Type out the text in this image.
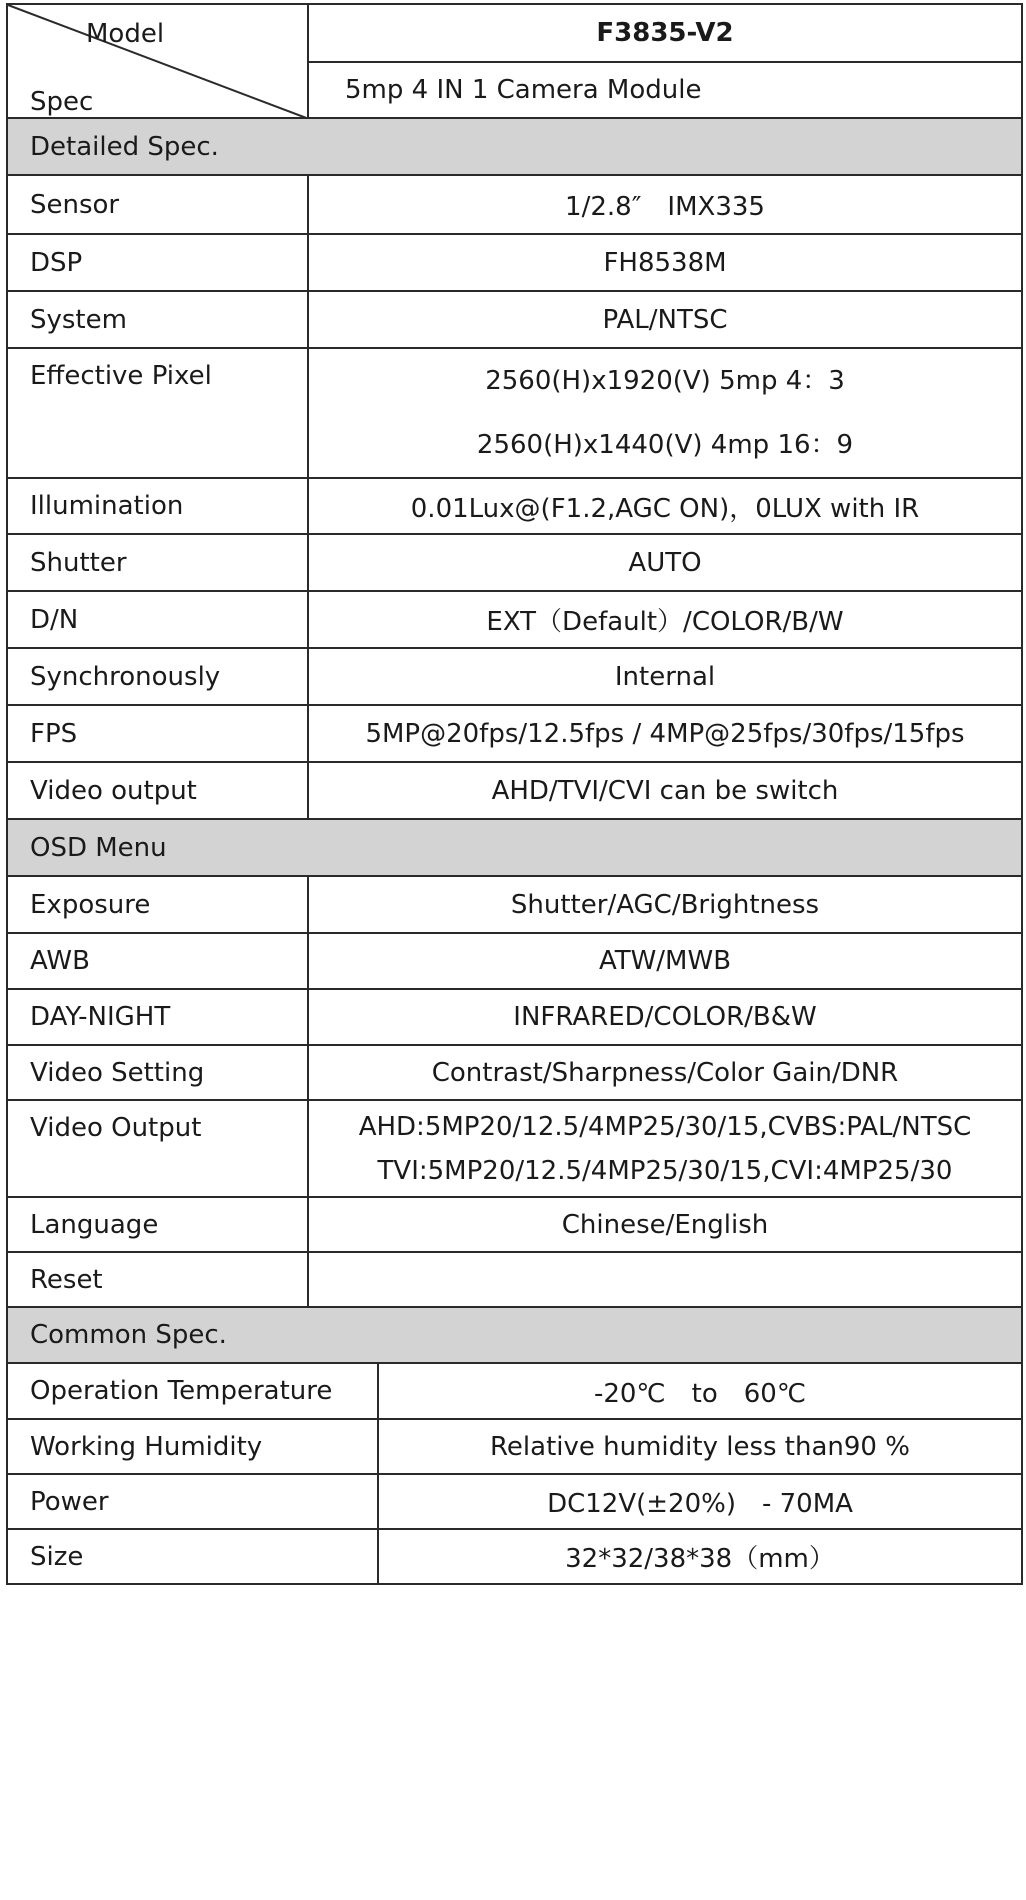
Model
Spec	F3835-V2	
	5mp 4 IN 1 Camera Module	
Detailed Spec.		
Sensor	1/2.8″　IMX335	
DSP	FH8538M	
System	PAL/NTSC	
Effective Pixel	2560(H)x1920(V) 5mp 4：3
2560(H)x1440(V) 4mp 16：9	

Illumination	0.01Lux@(F1.2,AGC ON)，0LUX with IR	
Shutter	AUTO	
D/N	EXT（Default）/COLOR/B/W	
Synchronously	Internal	
FPS	5MP@20fps/12.5fps / 4MP@25fps/30fps/15fps	
Video output	AHD/TVI/CVI can be switch	
OSD Menu		
Exposure	Shutter/AGC/Brightness	
AWB	ATW/MWB	
DAY-NIGHT	INFRARED/COLOR/B&W	
Video Setting	Contrast/Sharpness/Color Gain/DNR	
Video Output	AHD:5MP20/12.5/4MP25/30/15,CVBS:PAL/NTSC
TVI:5MP20/12.5/4MP25/30/15,CVI:4MP25/30	

Language	Chinese/English	
Reset		
Common Spec.		
Operation Temperature		-20℃　to　60℃
Working Humidity		Relative humidity less than90 %
Power		DC12V(±20%)　- 70MA
Size		32*32/38*38（mm）
